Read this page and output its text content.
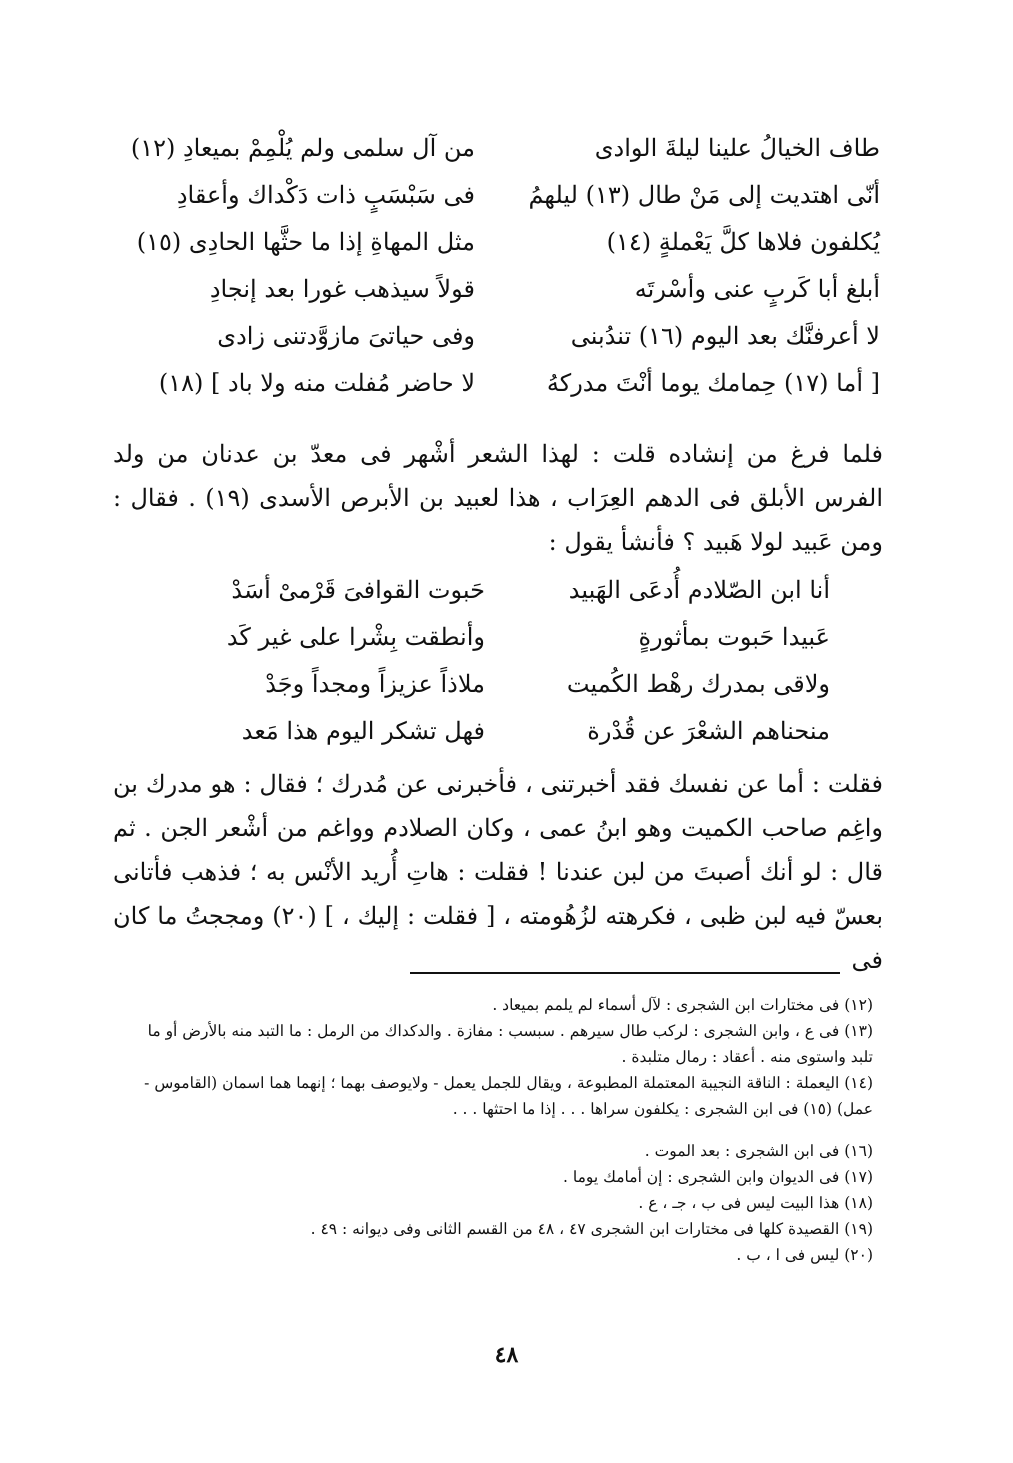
طاف الخيالُ علينا ليلةَ الوادى
من آل سلمى ولم يُلْمِمْ بميعادِ (١٢)
أنّى اهتديت إلى مَنْ طال (١٣) ليلهمُ
فى سَبْسَبٍ ذات دَكْداك وأعقادِ
يُكلفون فلاها كلَّ يَعْملةٍ (١٤)
مثل المهاةِ إذا ما حثَّها الحادِى (١٥)
أبلغ أبا كَربٍ عنى وأسْرتَه
قولاً سيذهب غورا بعد إنجادِ
لا أعرفنَّك بعد اليوم (١٦) تندُبنى
وفى حياتىَ مازوَّدتنى زادى
[ أما (١٧) حِمامك يوما أنْتَ مدركهُ
لا حاضر مُفلت منه ولا باد ] (١٨)
فلما فرغ من إنشاده قلت : لهذا الشعر أشْهر فى معدّ بن عدنان من ولد الفرس الأبلق فى الدهم العِرَاب ، هذا لعبيد بن الأبرص الأسدى (١٩) . فقال : ومن عَبيد لولا هَبيد ؟ فأنشأ يقول :
أنا ابن الصّلادم أُدعَى الهَبيد
حَبوت القوافىَ قَرْمىْ أسَدْ
عَبيدا حَبوت بمأثورةٍ
وأنطقت بِشْرا على غير كَد
ولاقى بمدرك رهْط الكُميت
ملاذاً عزيزاً ومجداً وجَدْ
منحناهم الشعْرَ عن قُدْرة
فهل تشكر اليوم هذا مَعد
فقلت : أما عن نفسك فقد أخبرتنى ، فأخبرنى عن مُدرك ؛ فقال : هو مدرك بن واغِم صاحب الكميت وهو ابنُ عمى ، وكان الصلادم وواغم من أشْعر الجن . ثم قال : لو أنك أصبتَ من لبن عندنا ! فقلت : هاتِ أُريد الأنْس به ؛ فذهب فأتانى بعسّ فيه لبن ظبى ، فكرهته لزُهُومته ، [ فقلت : إليك ، ] (٢٠) ومججتُ ما كان فى
(١٢) فى مختارات ابن الشجرى : لآل أسماء لم يلمم بميعاد .
(١٣) فى ع ، وابن الشجرى : لركب طال سيرهم . سبسب : مفازة . والدكداك من الرمل : ما التبد منه بالأرض أو ما تلبد واستوى منه . أعقاد : رمال متلبدة .
(١٤) اليعملة : الناقة النجيبة المعتملة المطبوعة ، ويقال للجمل يعمل - ولايوصف بهما ؛ إنهما هما اسمان (القاموس - عمل) (١٥) فى ابن الشجرى : يكلفون سراها . . . إذا ما احتثها . . .
(١٦) فى ابن الشجرى : بعد الموت .
(١٧) فى الديوان وابن الشجرى : إن أمامك يوما .
(١٨) هذا البيت ليس فى ب ، جـ ، ع .
(١٩) القصيدة كلها فى مختارات ابن الشجرى ٤٧ ، ٤٨ من القسم الثانى وفى ديوانه : ٤٩ .
(٢٠) ليس فى ا ، ب .
٤٨
